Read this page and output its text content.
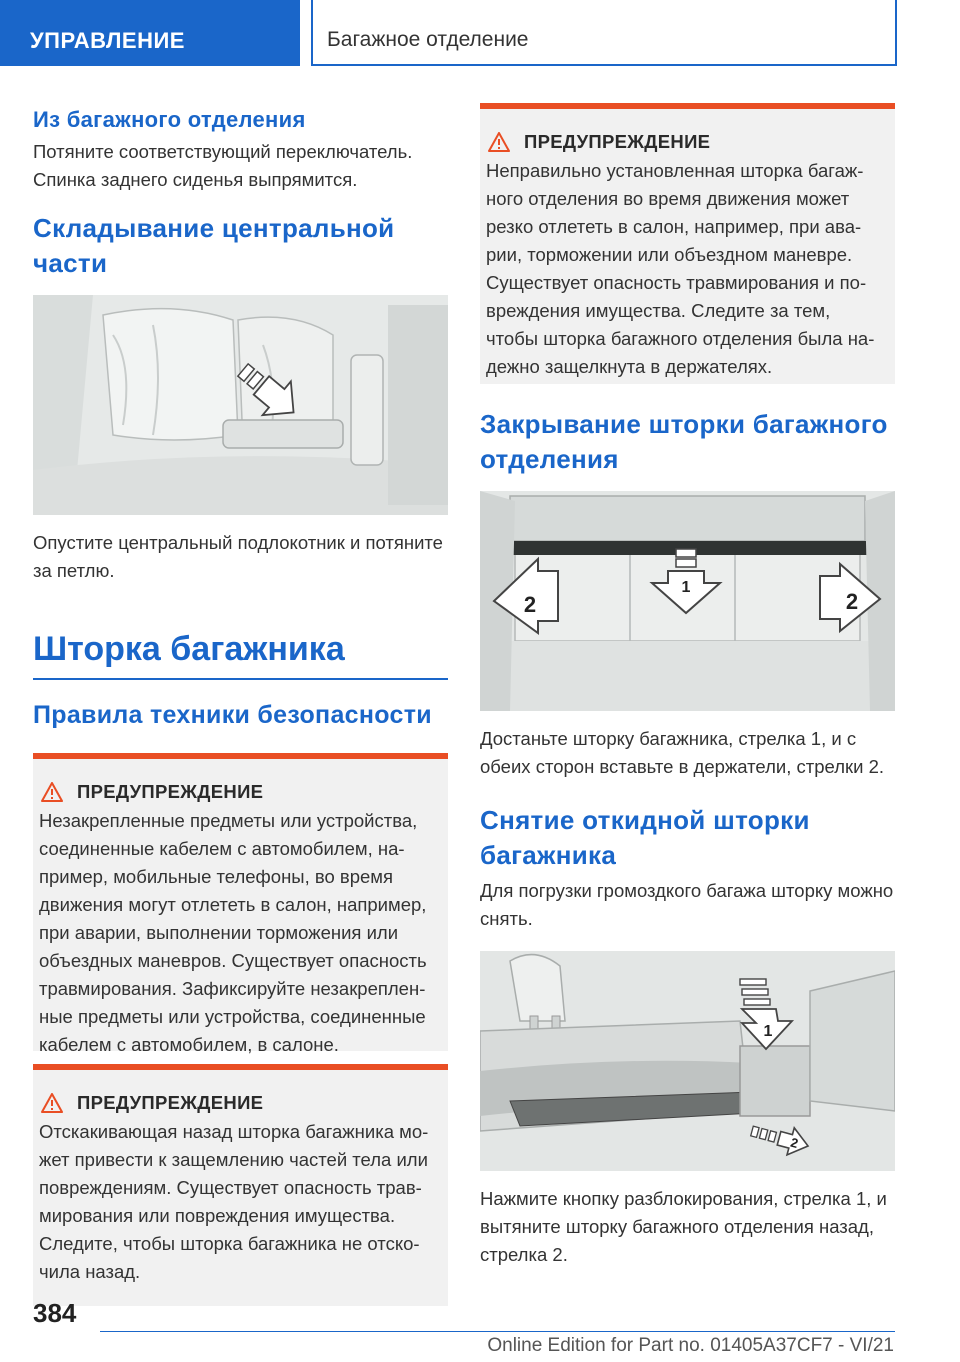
УПРАВЛЕНИЕ	Багажное отделение
Из багажного отделения
Потяните соответствующий переключатель. Спинка заднего сиденья выпрямится.
Складывание центральной части
Опустите центральный подлокотник и потяните за петлю.
Шторка багажника
Правила техники безопасности
ПРЕДУПРЕЖДЕНИЕ
Незакрепленные предметы или устройства, соединенные кабелем с автомобилем, например, мобильные телефоны, во время движения могут отлететь в салон, например, при аварии, выполнении торможения или объездных маневров. Существует опасность травмирования. Зафиксируйте незакрепленные предметы или устройства, соединенные кабелем с автомобилем, в салоне.
ПРЕДУПРЕЖДЕНИЕ
Отскакивающая назад шторка багажника может привести к защемлению частей тела или повреждениям. Существует опасность травмирования или повреждения имущества. Следите, чтобы шторка багажника не отскочила назад.
ПРЕДУПРЕЖДЕНИЕ
Неправильно установленная шторка багажного отделения во время движения может резко отлететь в салон, например, при аварии, торможении или объездном маневре. Существует опасность травмирования и повреждения имущества. Следите за тем, чтобы шторка багажного отделения была надежно защелкнута в держателях.
Закрывание шторки багажного отделения
1
2	2
Достаньте шторку багажника, стрелка 1, и с обеих сторон вставьте в держатели, стрелки 2.
Снятие откидной шторки багажника
Для погрузки громоздкого багажа шторку можно снять.
1
2
Нажмите кнопку разблокирования, стрелка 1, и вытяните шторку багажного отделения назад, стрелка 2.
384
Online Edition for Part no. 01405A37CF7 - VI/21
